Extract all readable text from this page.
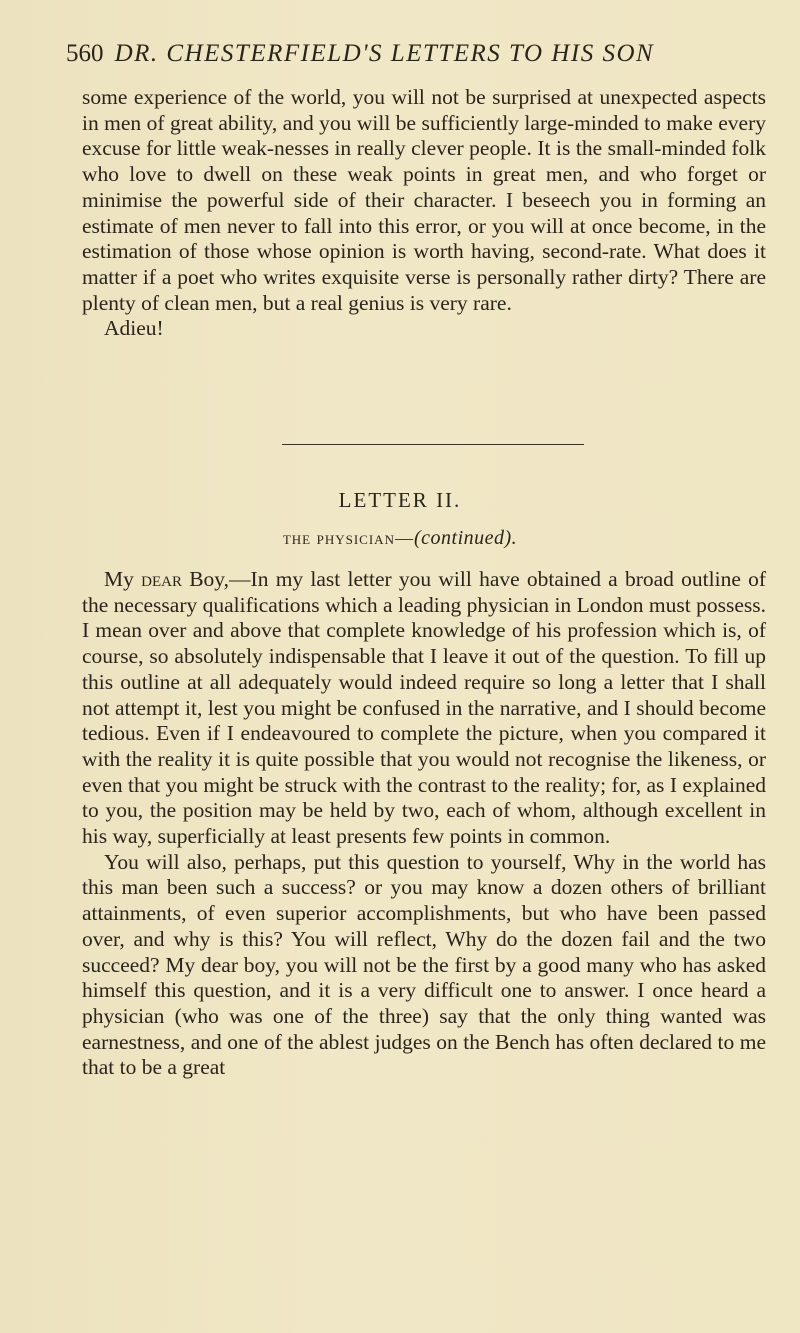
560 DR. CHESTERFIELD'S LETTERS TO HIS SON

some experience of the world, you will not be surprised at unexpected aspects in men of great ability, and you will be sufficiently large-minded to make every excuse for little weak-nesses in really clever people. It is the small-minded folk who love to dwell on these weak points in great men, and who forget or minimise the powerful side of their character. I beseech you in forming an estimate of men never to fall into this error, or you will at once become, in the estimation of those whose opinion is worth having, second-rate. What does it matter if a poet who writes exquisite verse is personally rather dirty? There are plenty of clean men, but a real genius is very rare.

Adieu!

LETTER II.
the physician—(continued).

My dear Boy,—In my last letter you will have obtained a broad outline of the necessary qualifications which a leading physician in London must possess. I mean over and above that complete knowledge of his profession which is, of course, so absolutely indispensable that I leave it out of the question. To fill up this outline at all adequately would indeed require so long a letter that I shall not attempt it, lest you might be confused in the narrative, and I should become tedious. Even if I endeavoured to complete the picture, when you compared it with the reality it is quite possible that you would not recognise the likeness, or even that you might be struck with the contrast to the reality; for, as I explained to you, the position may be held by two, each of whom, although excellent in his way, superficially at least presents few points in common.

You will also, perhaps, put this question to yourself, Why in the world has this man been such a success? or you may know a dozen others of brilliant attainments, of even superior accomplishments, but who have been passed over, and why is this? You will reflect, Why do the dozen fail and the two succeed? My dear boy, you will not be the first by a good many who has asked himself this question, and it is a very difficult one to answer. I once heard a physician (who was one of the three) say that the only thing wanted was earnestness, and one of the ablest judges on the Bench has often declared to me that to be a great
